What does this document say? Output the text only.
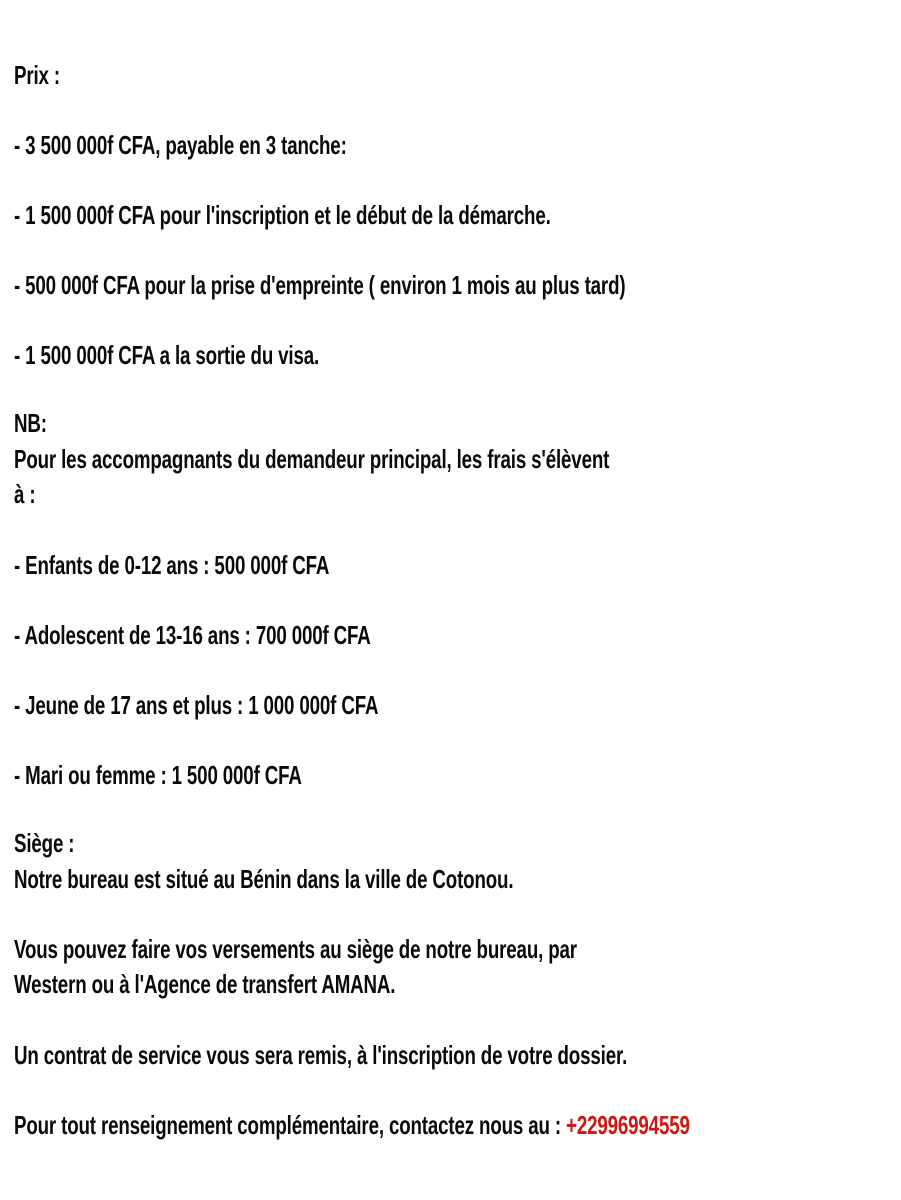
Prix :
- 3 500 000f CFA, payable en 3 tanche:
- 1 500 000f CFA pour l'inscription et le début de la démarche.
- 500 000f CFA pour la prise d'empreinte ( environ 1 mois au plus tard)
- 1 500 000f CFA a la sortie du visa.
NB:
Pour les accompagnants du demandeur principal, les frais s'élèvent
à :
- Enfants de 0-12 ans : 500 000f CFA
- Adolescent de 13-16 ans : 700 000f CFA
- Jeune de 17 ans et plus : 1 000 000f CFA
- Mari ou femme : 1 500 000f CFA
Siège :
Notre bureau est situé au Bénin dans la ville de Cotonou.
Vous pouvez faire vos versements au siège de notre bureau, par
Western ou à l'Agence de transfert AMANA.
Un contrat de service vous sera remis, à l'inscription de votre dossier.
Pour tout renseignement complémentaire, contactez nous au : +22996994559
